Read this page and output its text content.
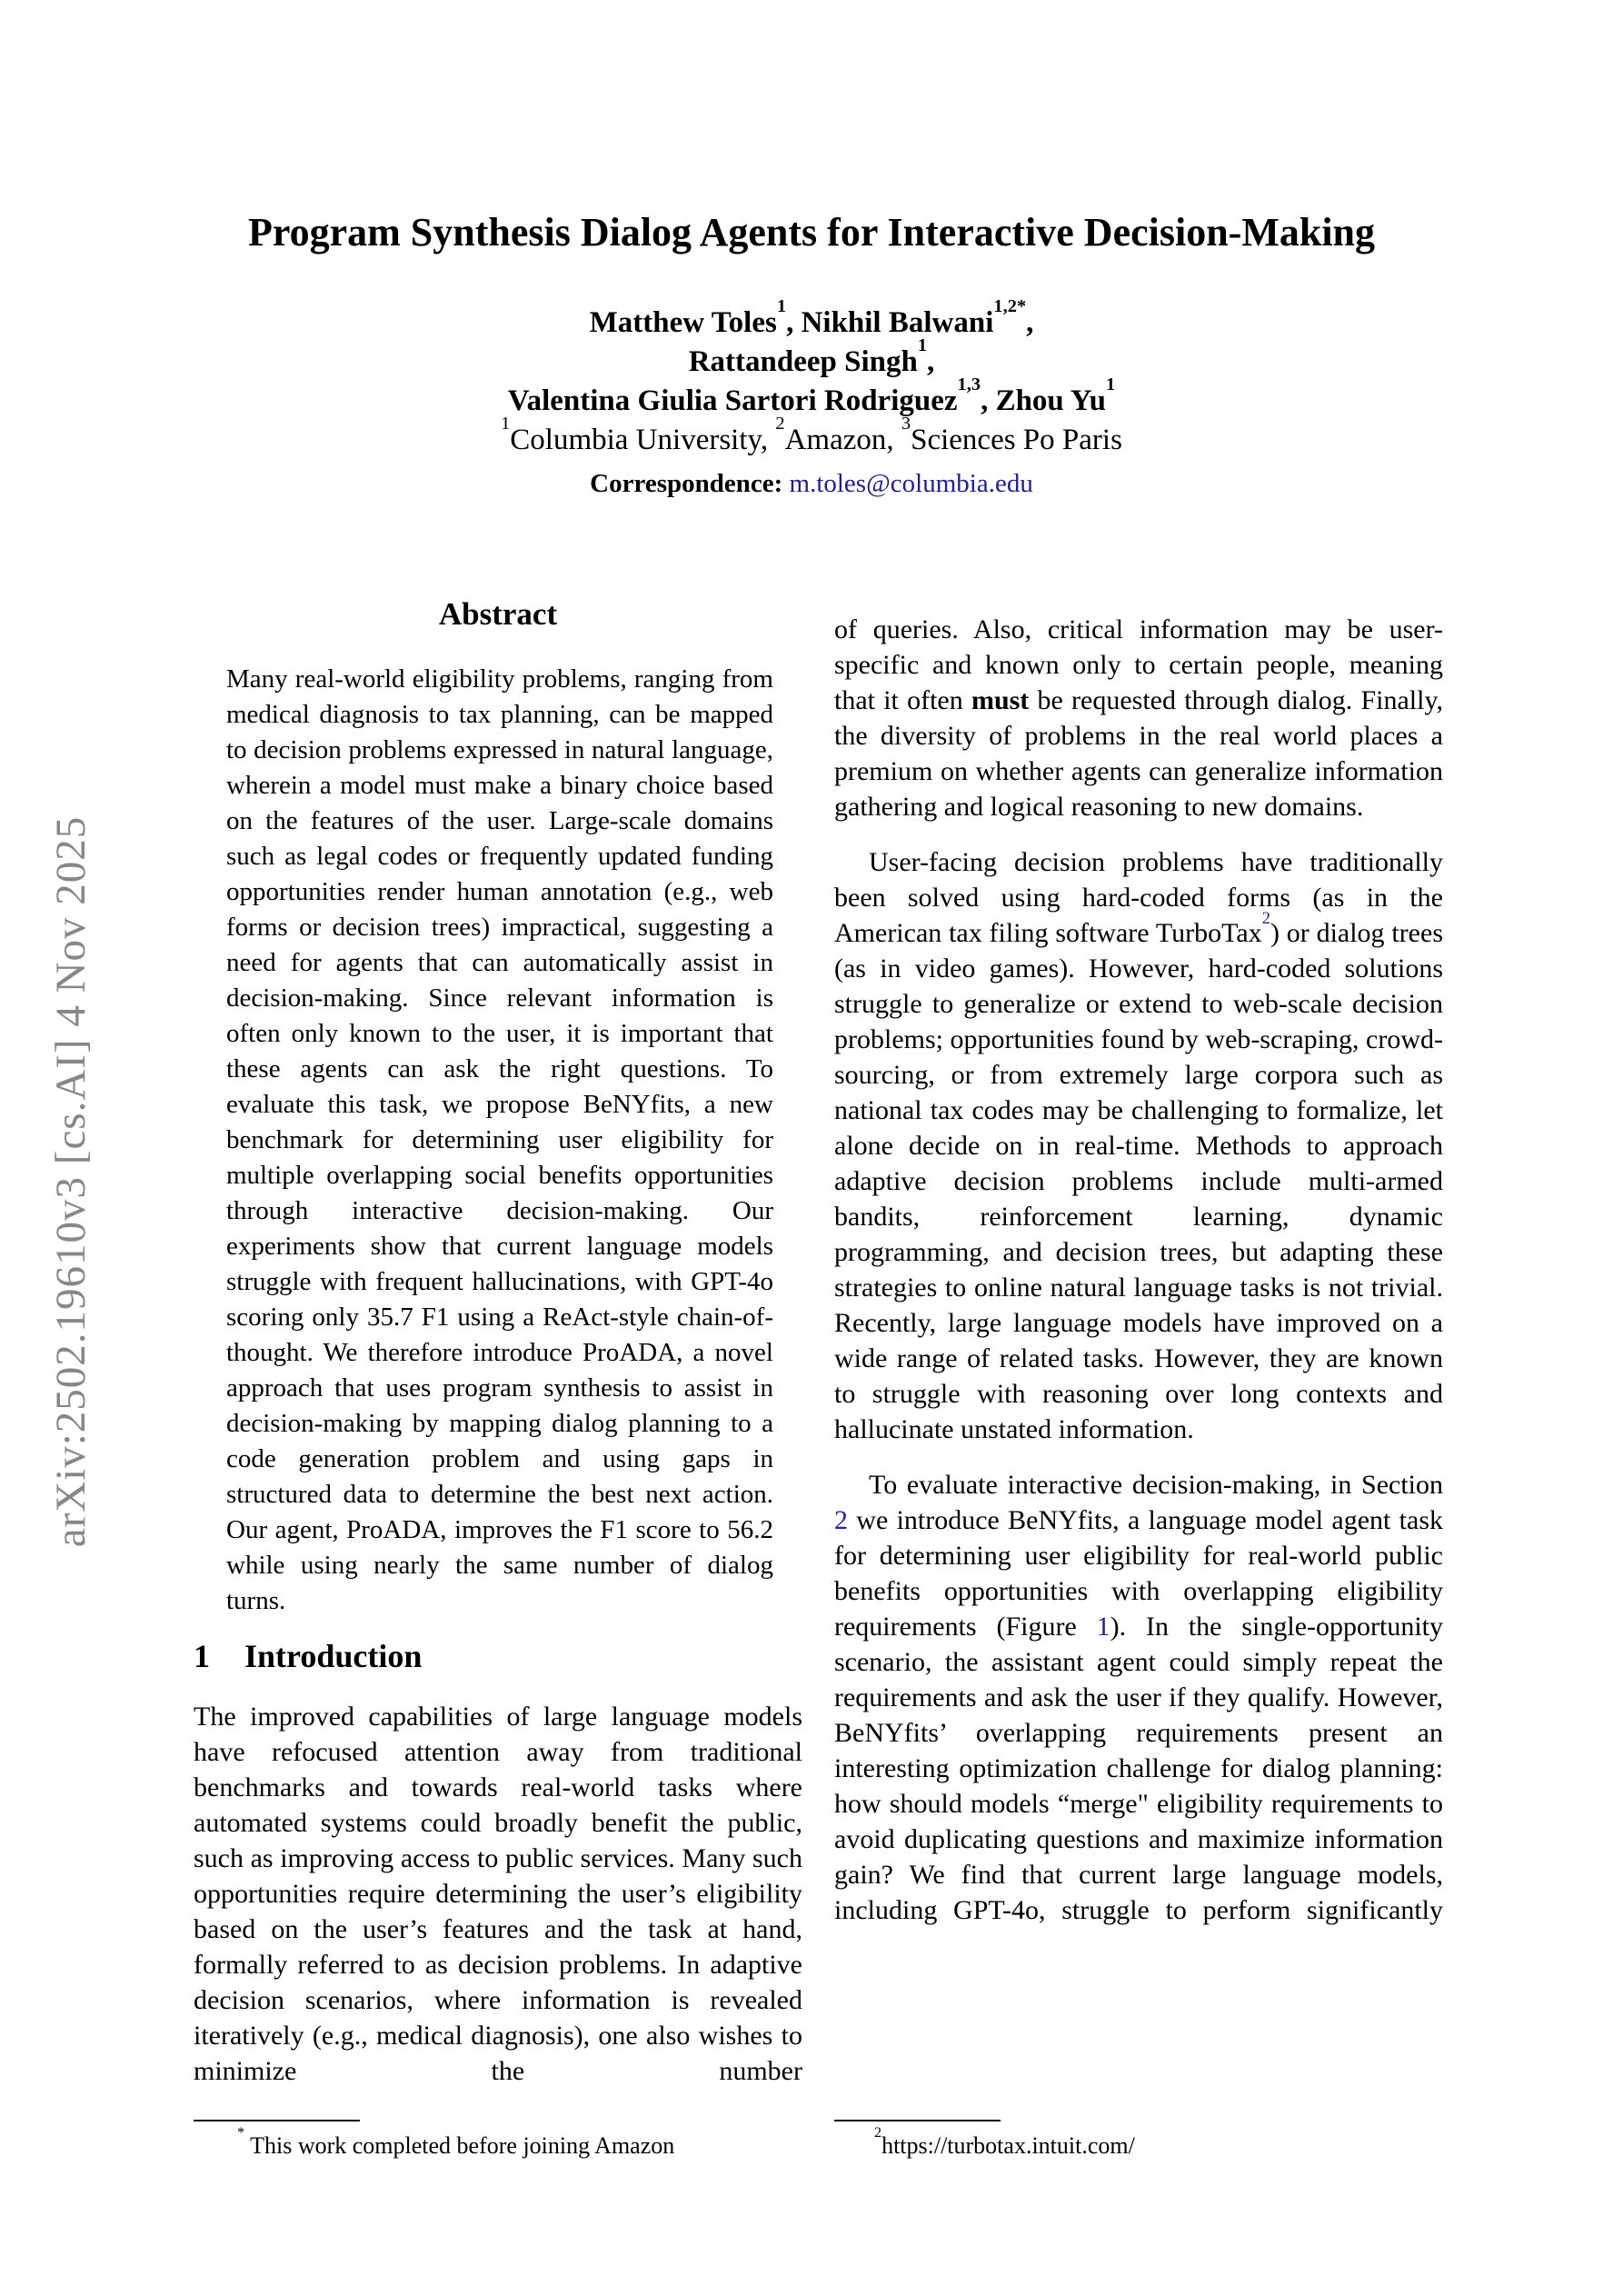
arXiv:2502.19610v3 [cs.AI] 4 Nov 2025
Program Synthesis Dialog Agents for Interactive Decision-Making
Matthew Toles$^1$, Nikhil Balwani$^{1,2*}$,
Rattandeep Singh$^1$,
Valentina Giulia Sartori Rodriguez$^{1,3}$, Zhou Yu$^1$
$^1$Columbia University, $^2$Amazon, $^3$Sciences Po Paris
Correspondence: m.toles@columbia.edu
Abstract
Many real-world eligibility problems, ranging from medical diagnosis to tax planning, can be mapped to decision problems expressed in natural language, wherein a model must make a binary choice based on the features of the user. Large-scale domains such as legal codes or frequently updated funding opportunities render human annotation (e.g., web forms or decision trees) impractical, suggesting a need for agents that can automatically assist in decision-making. Since relevant information is often only known to the user, it is important that these agents can ask the right questions. To evaluate this task, we propose BeNYfits, a new benchmark for determining user eligibility for multiple overlapping social benefits opportunities through interactive decision-making. Our experiments show that current language models struggle with frequent hallucinations, with GPT-4o scoring only 35.7 F1 using a ReAct-style chain-of-thought. We therefore introduce ProADA, a novel approach that uses program synthesis to assist in decision-making by mapping dialog planning to a code generation problem and using gaps in structured data to determine the best next action. Our agent, ProADA, improves the F1 score to 56.2 while using nearly the same number of dialog turns.
1 Introduction
The improved capabilities of large language models have refocused attention away from traditional benchmarks and towards real-world tasks where automated systems could broadly benefit the public, such as improving access to public services. Many such opportunities require determining the user’s eligibility based on the user’s features and the task at hand, formally referred to as decision problems. In adaptive decision scenarios, where information is revealed iteratively (e.g., medical diagnosis), one also wishes to minimize the number
of queries. Also, critical information may be user-specific and known only to certain people, meaning that it often must be requested through dialog. Finally, the diversity of problems in the real world places a premium on whether agents can generalize information gathering and logical reasoning to new domains.
User-facing decision problems have traditionally been solved using hard-coded forms (as in the American tax filing software TurboTax$^2$) or dialog trees (as in video games). However, hard-coded solutions struggle to generalize or extend to web-scale decision problems; opportunities found by web-scraping, crowd-sourcing, or from extremely large corpora such as national tax codes may be challenging to formalize, let alone decide on in real-time. Methods to approach adaptive decision problems include multi-armed bandits, reinforcement learning, dynamic programming, and decision trees, but adapting these strategies to online natural language tasks is not trivial. Recently, large language models have improved on a wide range of related tasks. However, they are known to struggle with reasoning over long contexts and hallucinate unstated information.
To evaluate interactive decision-making, in Section 2 we introduce BeNYfits, a language model agent task for determining user eligibility for real-world public benefits opportunities with overlapping eligibility requirements (Figure 1). In the single-opportunity scenario, the assistant agent could simply repeat the requirements and ask the user if they qualify. However, BeNYfits’ overlapping requirements present an interesting optimization challenge for dialog planning: how should models “merge" eligibility requirements to avoid duplicating questions and maximize information gain? We find that current large language models, including GPT-4o, struggle to perform significantly
* This work completed before joining Amazon	$^2$https://turbotax.intuit.com/
